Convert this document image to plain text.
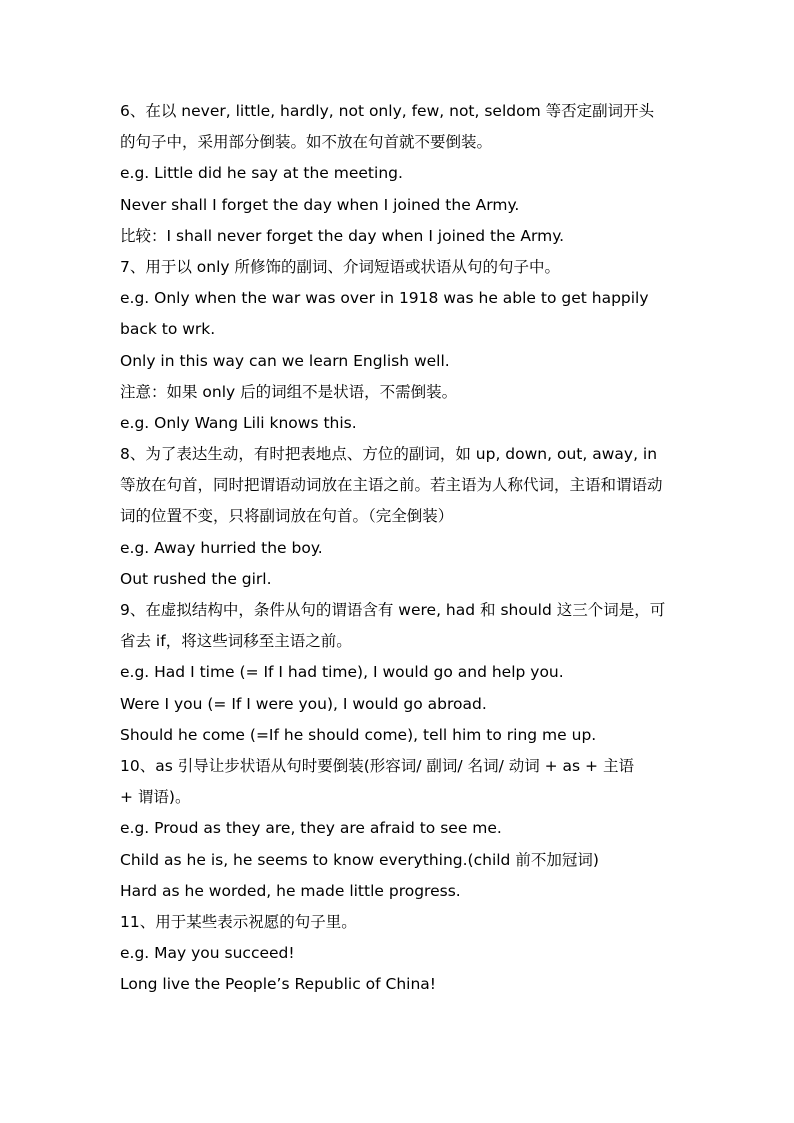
6、在以 never, little, hardly, not only, few, not, seldom 等否定副词开头
的句子中，采用部分倒装。如不放在句首就不要倒装。
e.g. Little did he say at the meeting.
Never shall I forget the day when I joined the Army.
比较：I shall never forget the day when I joined the Army.
7、用于以 only 所修饰的副词、介词短语或状语从句的句子中。
e.g. Only when the war was over in 1918 was he able to get happily
back to wrk.
Only in this way can we learn English well.
注意：如果 only 后的词组不是状语，不需倒装。
e.g. Only Wang Lili knows this.
8、为了表达生动，有时把表地点、方位的副词，如 up, down, out, away, in
等放在句首，同时把谓语动词放在主语之前。若主语为人称代词，主语和谓语动
词的位置不变，只将副词放在句首。（完全倒装）
e.g. Away hurried the boy.
Out rushed the girl.
9、在虚拟结构中，条件从句的谓语含有 were, had 和 should 这三个词是，可
省去 if，将这些词移至主语之前。
e.g. Had I time (= If I had time), I would go and help you.
Were I you (= If I were you), I would go abroad.
Should he come (=If he should come), tell him to ring me up.
10、as 引导让步状语从句时要倒装(形容词/ 副词/ 名词/ 动词 + as + 主语
+ 谓语)。
e.g. Proud as they are, they are afraid to see me.
Child as he is, he seems to know everything.(child 前不加冠词)
Hard as he worded, he made little progress.
11、用于某些表示祝愿的句子里。
e.g. May you succeed!
Long live the People’s Republic of China!
